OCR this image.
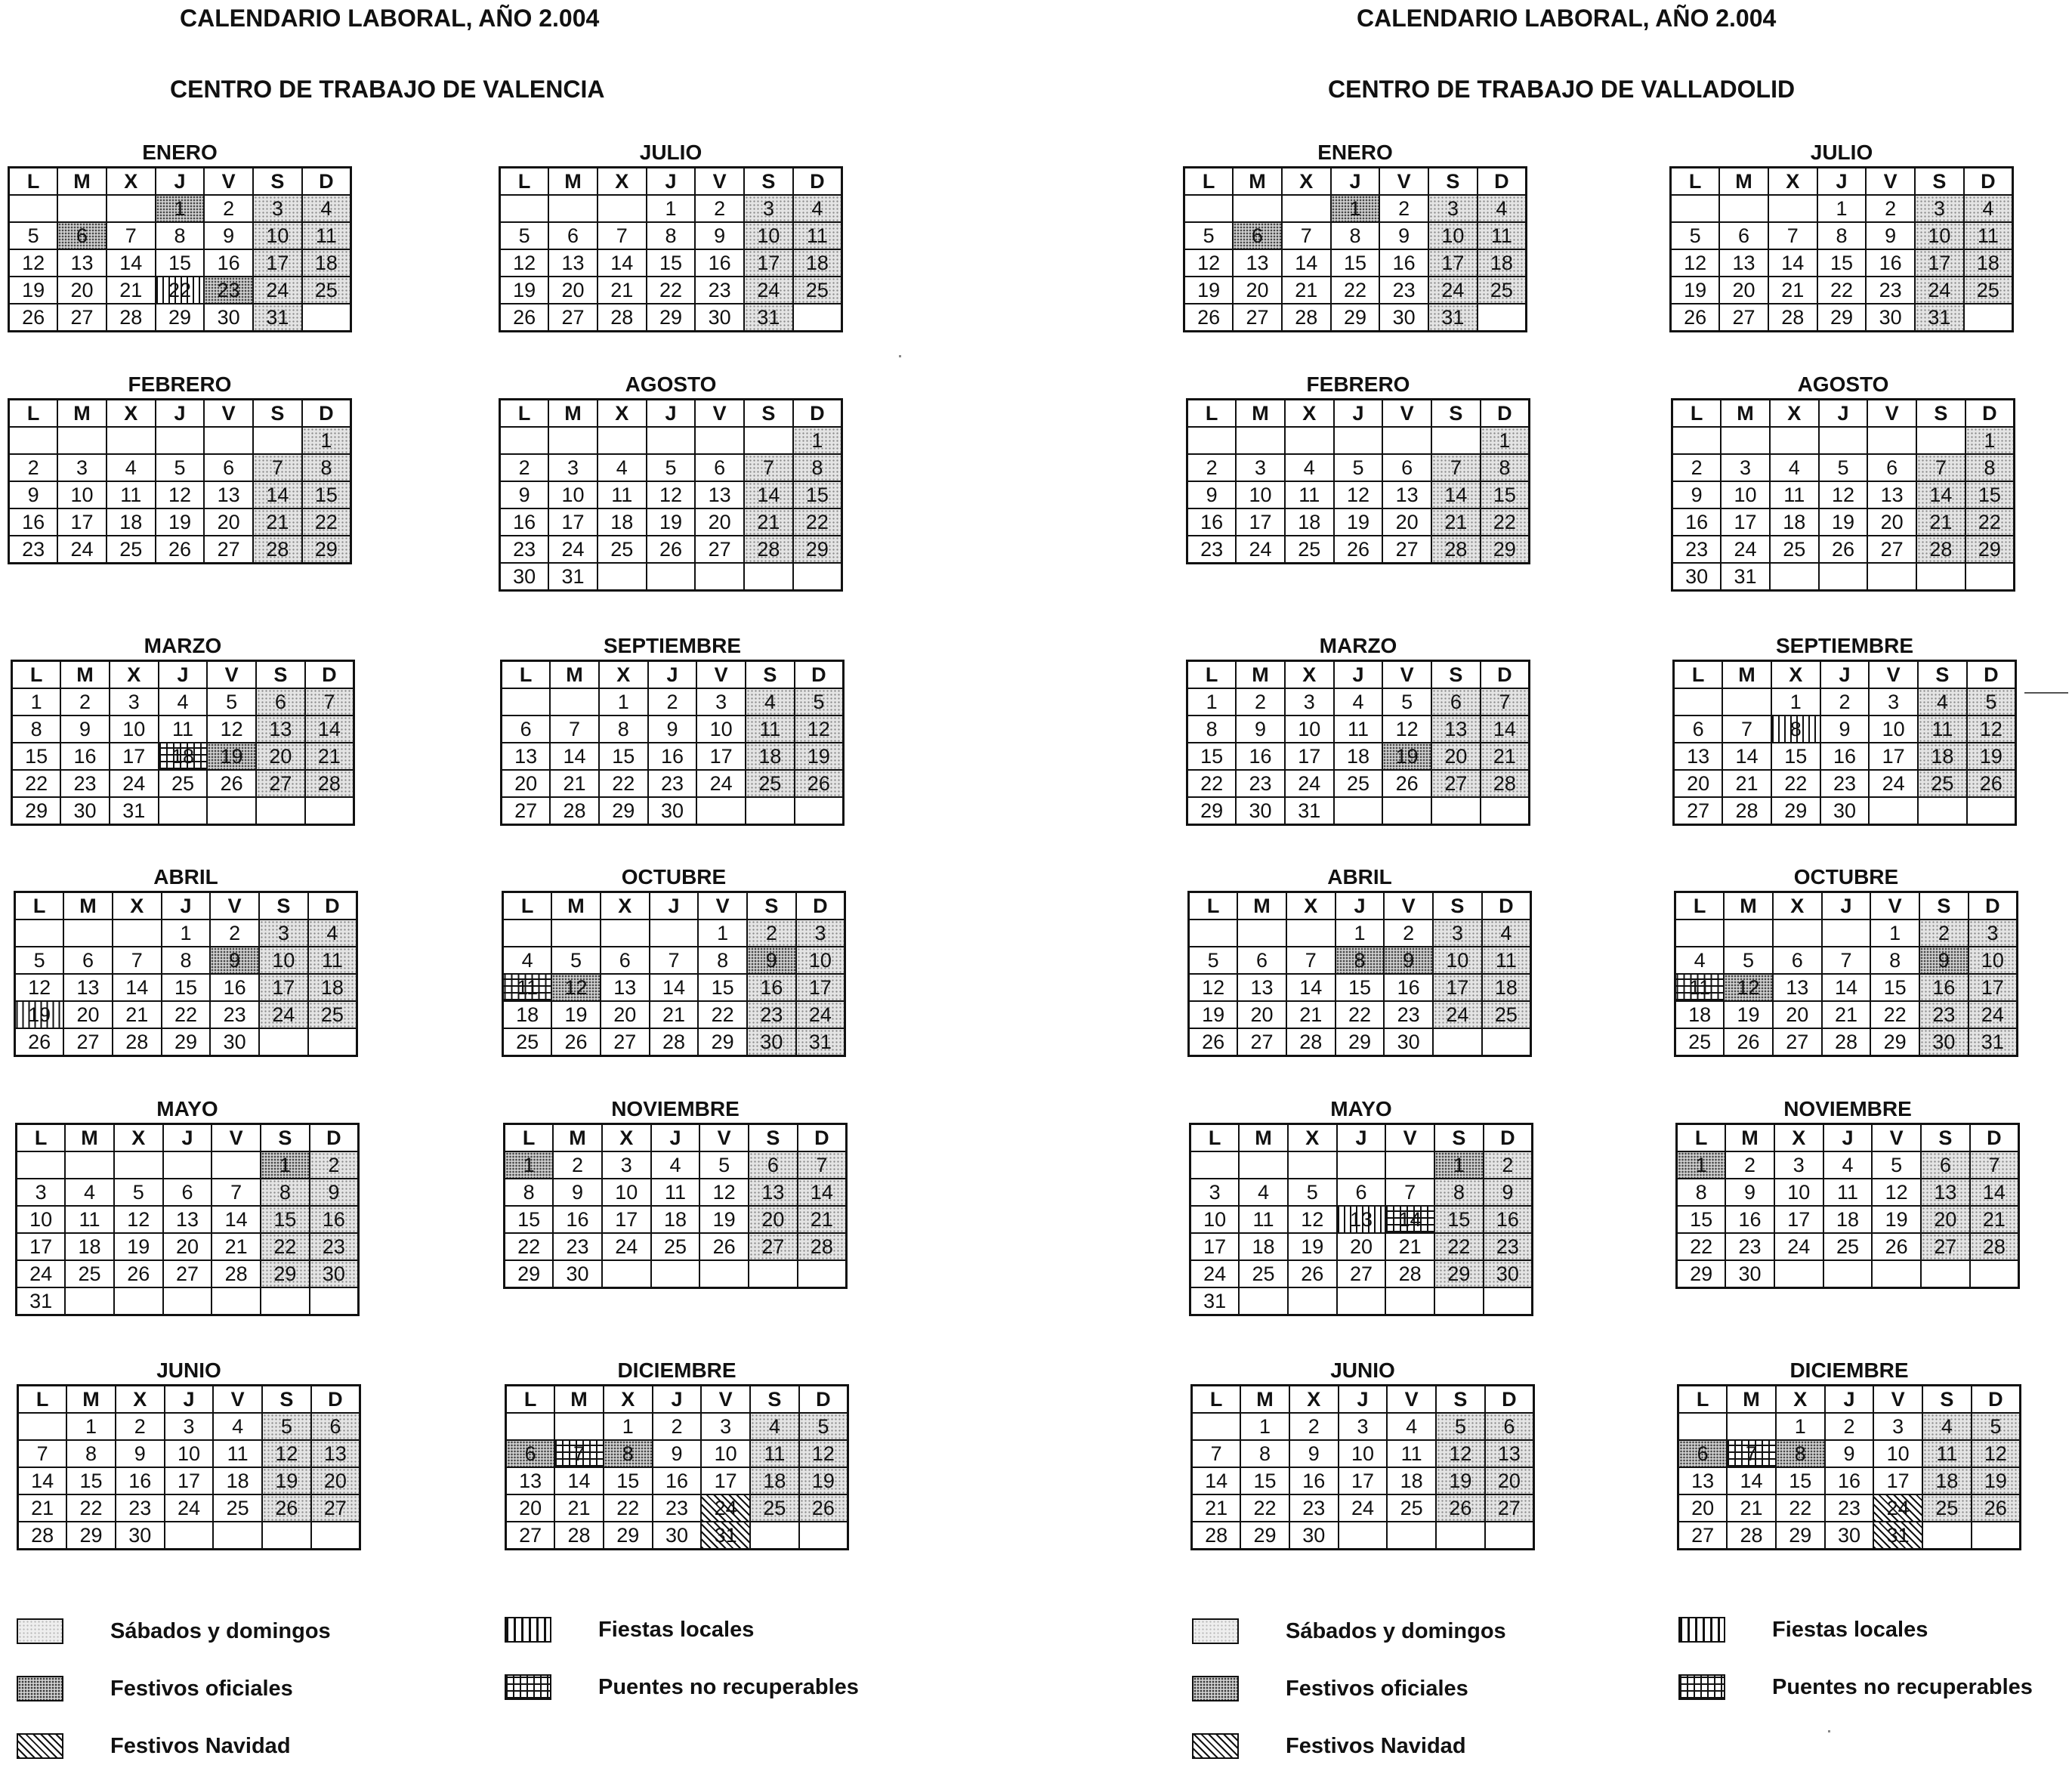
CALENDARIO LABORAL, AÑO 2.004
CENTRO DE TRABAJO DE VALENCIA
ENERO
L	M	X	J	V	S	D
			1	2	3	4
5	6	7	8	9	10	11
12	13	14	15	16	17	18
19	20	21	22	23	24	25
26	27	28	29	30	31	
FEBRERO
L	M	X	J	V	S	D
						1
2	3	4	5	6	7	8
9	10	11	12	13	14	15
16	17	18	19	20	21	22
23	24	25	26	27	28	29
MARZO
L	M	X	J	V	S	D
1	2	3	4	5	6	7
8	9	10	11	12	13	14
15	16	17	18	19	20	21
22	23	24	25	26	27	28
29	30	31				
ABRIL
L	M	X	J	V	S	D
			1	2	3	4
5	6	7	8	9	10	11
12	13	14	15	16	17	18
19	20	21	22	23	24	25
26	27	28	29	30		
MAYO
L	M	X	J	V	S	D
					1	2
3	4	5	6	7	8	9
10	11	12	13	14	15	16
17	18	19	20	21	22	23
24	25	26	27	28	29	30
31						
JUNIO
L	M	X	J	V	S	D
	1	2	3	4	5	6
7	8	9	10	11	12	13
14	15	16	17	18	19	20
21	22	23	24	25	26	27
28	29	30				
JULIO
L	M	X	J	V	S	D
			1	2	3	4
5	6	7	8	9	10	11
12	13	14	15	16	17	18
19	20	21	22	23	24	25
26	27	28	29	30	31	
AGOSTO
L	M	X	J	V	S	D
						1
2	3	4	5	6	7	8
9	10	11	12	13	14	15
16	17	18	19	20	21	22
23	24	25	26	27	28	29
30	31					
SEPTIEMBRE
L	M	X	J	V	S	D
		1	2	3	4	5
6	7	8	9	10	11	12
13	14	15	16	17	18	19
20	21	22	23	24	25	26
27	28	29	30			
OCTUBRE
L	M	X	J	V	S	D
				1	2	3
4	5	6	7	8	9	10
11	12	13	14	15	16	17
18	19	20	21	22	23	24
25	26	27	28	29	30	31
NOVIEMBRE
L	M	X	J	V	S	D
1	2	3	4	5	6	7
8	9	10	11	12	13	14
15	16	17	18	19	20	21
22	23	24	25	26	27	28
29	30					
DICIEMBRE
L	M	X	J	V	S	D
		1	2	3	4	5
6	7	8	9	10	11	12
13	14	15	16	17	18	19
20	21	22	23	24	25	26
27	28	29	30	31		
Sábados y domingos
Festivos oficiales
Festivos Navidad
Fiestas locales
Puentes no recuperables
CALENDARIO LABORAL, AÑO 2.004
CENTRO DE TRABAJO DE VALLADOLID
ENERO
L	M	X	J	V	S	D
			1	2	3	4
5	6	7	8	9	10	11
12	13	14	15	16	17	18
19	20	21	22	23	24	25
26	27	28	29	30	31	
FEBRERO
L	M	X	J	V	S	D
						1
2	3	4	5	6	7	8
9	10	11	12	13	14	15
16	17	18	19	20	21	22
23	24	25	26	27	28	29
MARZO
L	M	X	J	V	S	D
1	2	3	4	5	6	7
8	9	10	11	12	13	14
15	16	17	18	19	20	21
22	23	24	25	26	27	28
29	30	31				
ABRIL
L	M	X	J	V	S	D
			1	2	3	4
5	6	7	8	9	10	11
12	13	14	15	16	17	18
19	20	21	22	23	24	25
26	27	28	29	30		
MAYO
L	M	X	J	V	S	D
					1	2
3	4	5	6	7	8	9
10	11	12	13	14	15	16
17	18	19	20	21	22	23
24	25	26	27	28	29	30
31						
JUNIO
L	M	X	J	V	S	D
	1	2	3	4	5	6
7	8	9	10	11	12	13
14	15	16	17	18	19	20
21	22	23	24	25	26	27
28	29	30				
JULIO
L	M	X	J	V	S	D
			1	2	3	4
5	6	7	8	9	10	11
12	13	14	15	16	17	18
19	20	21	22	23	24	25
26	27	28	29	30	31	
AGOSTO
L	M	X	J	V	S	D
						1
2	3	4	5	6	7	8
9	10	11	12	13	14	15
16	17	18	19	20	21	22
23	24	25	26	27	28	29
30	31					
SEPTIEMBRE
L	M	X	J	V	S	D
		1	2	3	4	5
6	7	8	9	10	11	12
13	14	15	16	17	18	19
20	21	22	23	24	25	26
27	28	29	30			
OCTUBRE
L	M	X	J	V	S	D
				1	2	3
4	5	6	7	8	9	10
11	12	13	14	15	16	17
18	19	20	21	22	23	24
25	26	27	28	29	30	31
NOVIEMBRE
L	M	X	J	V	S	D
1	2	3	4	5	6	7
8	9	10	11	12	13	14
15	16	17	18	19	20	21
22	23	24	25	26	27	28
29	30					
DICIEMBRE
L	M	X	J	V	S	D
		1	2	3	4	5
6	7	8	9	10	11	12
13	14	15	16	17	18	19
20	21	22	23	24	25	26
27	28	29	30	31		
Sábados y domingos
Festivos oficiales
Festivos Navidad
Fiestas locales
Puentes no recuperables
